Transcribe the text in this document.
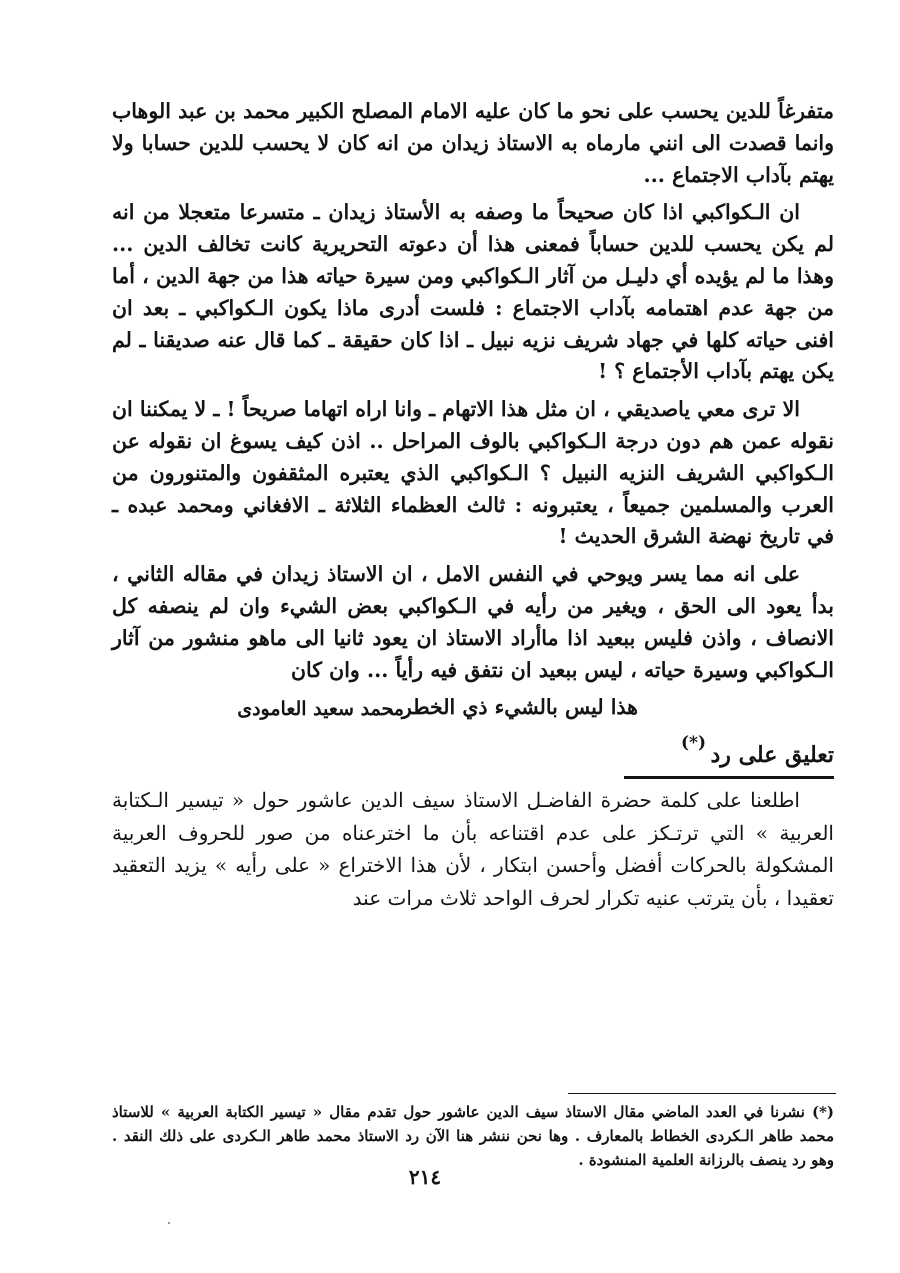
متفرغاً للدين يحسب على نحو ما كان عليه الامام المصلح الكبير محمد بن عبد الوهاب وانما قصدت الى انني مارماه به الاستاذ زيدان من انه كان لا يحسب للدين حسابا ولا يهتم بآداب الاجتماع ...

ان الـكواكبي اذا كان صحيحاً ما وصفه به الأستاذ زيدان ـ متسرعا متعجلا من انه لم يكن يحسب للدين حساباً فمعنى هذا أن دعوته التحريرية كانت تخالف الدين ... وهذا ما لم يؤيده أي دليـل من آثار الـكواكبي ومن سيرة حياته هذا من جهة الدين ، أما من جهة عدم اهتمامه بآداب الاجتماع : فلست أدرى ماذا يكون الـكواكبي ـ بعد ان افنى حياته كلها في جهاد شريف نزيه نبيل ـ اذا كان حقيقة ـ كما قال عنه صديقنا ـ لم يكن يهتم بآداب الأجتماع ؟ !

الا ترى معي ياصديقي ، ان مثل هذا الاتهام ـ وانا اراه اتهاما صريحاً ! ـ لا يمكننا ان نقوله عمن هم دون درجة الـكواكبي بالوف المراحل .. اذن كيف يسوغ ان نقوله عن الـكواكبي الشريف النزيه النبيل ؟ الـكواكبي الذي يعتبره المثقفون والمتنورون من العرب والمسلمين جميعاً ، يعتبرونه : ثالث العظماء الثلاثة ـ الافغاني ومحمد عبده ـ في تاريخ نهضة الشرق الحديث !

على انه مما يسر ويوحي في النفس الامل ، ان الاستاذ زيدان في مقاله الثاني ، بدأ يعود الى الحق ، ويغير من رأيه في الـكواكبي بعض الشيء وان لم ينصفه كل الانصاف ، واذن فليس ببعيد اذا ماأراد الاستاذ ان يعود ثانيا الى ماهو منشور من آثار الـكواكبي وسيرة حياته ، ليس ببعيد ان نتفق فيه رأياً ... وان كان

هذا ليس بالشيء ذي الخطر .
محمد سعيد العامودى
تعليق على رد
(*)

اطلعنا على كلمة حضرة الفاضـل الاستاذ سيف الدين عاشور حول « تيسير الـكتابة العربية » التي ترتـكز على عدم اقتناعه بأن ما اخترعناه من صور للحروف العربية المشكولة بالحركات أفضل وأحسن ابتكار ، لأن هذا الاختراع « على رأيه » يزيد التعقيد تعقيدا ، بأن يترتب عنيه تكرار لحرف الواحد ثلاث مرات عند

(*) نشرنا في العدد الماضي مقال الاستاذ سيف الدين عاشور حول تقدم مقال « تيسير الكتابة العربية » للاستاذ محمد طاهر الـكردى الخطاط بالمعارف . وها نحن ننشر هنا الآن رد الاستاذ محمد طاهر الـكردى على ذلك النقد . وهو رد ينصف بالرزانة العلمية المنشودة .
٢١٤
